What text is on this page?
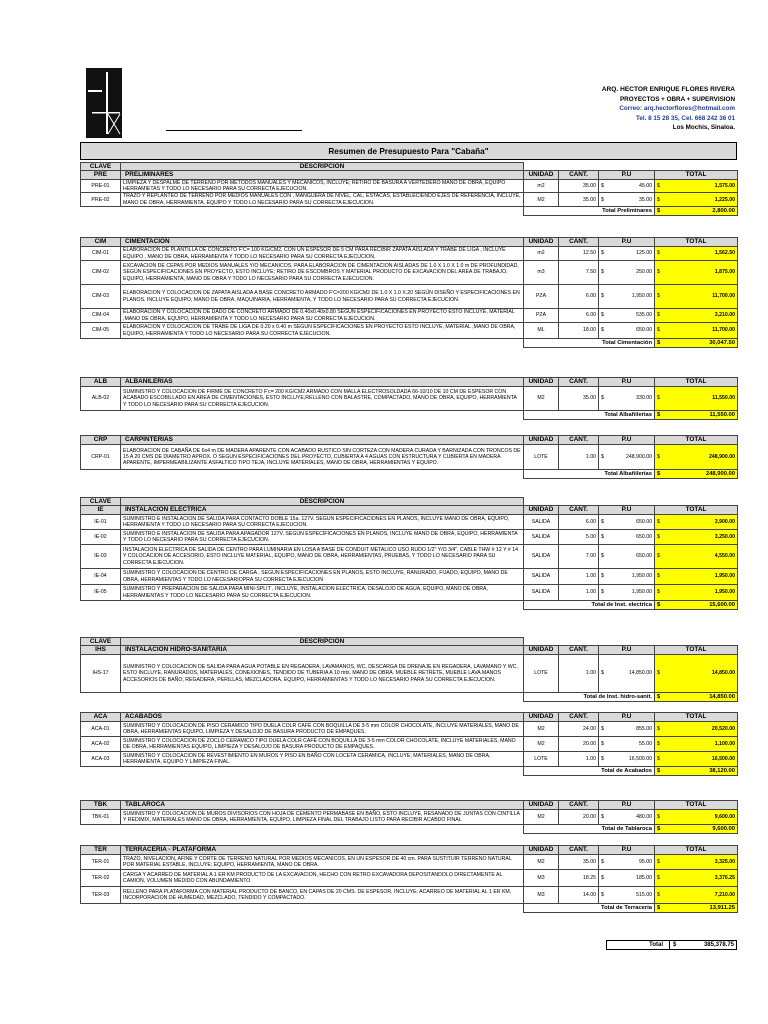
ARQ. HECTOR ENRIQUE FLORES RIVERA
PROYECTOS + OBRA + SUPERVISION
Correo: arq.hectorflores@hotmail.com
Tel. 8 15 28 35, Cel. 668 242 36 01
Los Mochis, Sinaloa.
Resumen de Presupuesto Para "Cabaña"
CLAVE	DESCRIPCION				
PRE	PRELIMINARES	UNIDAD	CANT.	P.U	TOTAL
PRE-01	LIMPIEZA Y DESPALME DE TERRENO POR METODOS MANUALES Y MECANICOS, INCLUYE; RETIRO DE BASURA A VERTEDERO MANO DE OBRA, EQUIPO HERRAMIETAS Y TODO LO NECESARIO PARA SU CORRECTA EJECUCION.	m2	35.00	$ 45.00	$ 1,575.00
PRE-02	TRAZO Y REPLANTEO DE TERRENO POR MEDIOS MANUALES CON , MANGUERA DE NIVEL, CAL, ESTACAS, ESTABLECIENDO EJES DE REFERENCIA, INCLUYE, MANO DE OBRA, HERRAMIENTA, EQUIPO Y TODO LO NECESARIO PARA SU CORRECTA EJECUCION.	M2	35.00	$ 35.00	$ 1,225.00
		Total Preliminares			$ 2,800.00
CIM	CIMENTACION	UNIDAD	CANT.	P.U	TOTAL
CIM-01	ELABORACION DE PLANTILLA DE CONCRETO F'C= 100 KG/CM2, CON UN ESPESOR DE 5 CM PARA RECIBIR ZAPATA AISLADA Y TRABE DE LIGA , INCLUYE EQUIPO , MANO DE OBRA, HERRAMIENTA Y TODO LO NECESARIO PARA SU CORRECTA EJECUCION.	m2	12.50	$ 125.00	$ 1,562.50
CIM-02	EXCAVACION DE CEPAS POR MEDIOS MANUALES Y/O MECANICOS, PARA ELABORACION DE CIMENTACION AISLADAS DE 1.0 X 1.0 X 1.0 m DE PROFUNDIDAD, SEGÚN ESPECIFICACIONES EN PROYECTO, ESTO INCLUYE; RETIRO DE ESCOMBROS Y MATERIAL PRODUCTO DE EXCAVACION DEL AREA DE TRABAJO, EQUIPO, HERRAMIENTA, MANO DE OBRA Y TODO LO NECESARIO PARA SU CORRECTA EJECUCION.	m3	7.50	$ 250.00	$ 1,875.00
CIM-03	ELABORACION Y COLOCACION DE ZAPATA AISLADA A BASE CONCRETO ARMADO F'C=200 KG/CM2 DE 1.0 X 1.0 X.20 SEGÚN DISEÑO Y ESPECIFICACIONES EN PLANOS. INCLUYE EQUIPO, MANO DE OBRA, MAQUINARIA, HERRAMIENTA, Y TODO LO NECESARIO PARA SU CORRECTA EJECUCION.	PZA	6.00	$ 1,950.00	$ 11,700.00
CIM-04	ELABORACION Y COLOCACION DE DADO DE CONCRETO ARMADO DE 0.40x0.40x0.80 SEGUN ESPECIFICACIONES EN PROYECTO ESTO INCLUYE, MATERIAL ,MANO DE OBRA, EQUIPO, HERRAMIENTA Y TODO LO NECESARIO PARA SU CORRECTA EJECUCION.	PZA	6.00	$ 535.00	$ 3,210.00
CIM-05	ELABORACION Y COLOCACION DE TRABE DE LIGA DE 0.20 x 0.40 m SEGUN ESPECIFICACIONES EN PROYECTO ESTO INCLUYE, MATERIAL ,MANO DE OBRA, EQUIPO, HERRAMIENTA Y TODO LO NECESARIO PARA SU CORRECTA EJECUCION.	ML	18.00	$ 650.00	$ 11,700.00
		Total Cimentación			$ 30,047.50
ALB	ALBAÑILERIAS	UNIDAD	CANT.	P.U	TOTAL
ALB-02	SUMINISTRO Y COLOCACION DE FIRME DE CONCRETO F'c= 200 KG/CM2 ARMADO CON MALLA ELECTROSOLDADA 66-10/10 DE 10 CM DE ESPESOR CON ACABADO ESCOBILLADO EN AREA DE CIMENTACIONES, ESTO INCLUYE,RELLENO CON BALASTRE, COMPACTADO, MANO DE OBRA, EQUIPO, HERRAMIENTA Y TODO LO NECESARIO PARA SU CORRECTA EJECUCION.	M2	35.00	$ 330.00	$ 11,550.00
		Total Albañilerias			$ 11,550.00
CRP	CARPINTERIAS	UNIDAD	CANT.	P.U	TOTAL
CRP-01	ELABORACION DE CABAÑA DE 6x4 m DE MADERA APARENTE CON ACABADO RUSTICO SIN CORTEZA CON MADERA CURADA Y BARNIZADA CON TRONCOS DE 15 A 20 CMS DE DIAMETRO APROX. O SEGUN ESPECIFICACIONES DEL PROYECTO, CUBIERTA A 4 AGUAS CON ESTRUCTURA Y CUBIERTA EN MADERA APARENTE, IMPERMEABILIZANTE ASFALTICO TIPO TEJA, INCLUYE MATERIALES, MANO DE OBRA, HERRAMIENTAS Y EQUIPO.	LOTE	1.00	$ 248,900.00	$ 248,900.00
		Total Albañilerias			$ 248,900.00
CLAVE	DESCRIPCION				
IE	INSTALACION ELECTRICA	UNIDAD	CANT.	P.U	TOTAL
IE-01	SUMINISTRO E INSTALACION DE SALIDA PARA CONTACTO DOBLE 15a. 127V. SEGUN ESPECIFICACIONES EN PLANOS, INCLUYE MANO DE OBRA, EQUIPO, HERRAMIENTA Y TODO LO NECESARIO PARA SU CORRECTA EJECUCION.	SALIDA	6.00	$ 650.00	$ 3,900.00
IE-02	SUMINISTRO E INSTALACION DE SALIDA PARA APAGADOR 127V. SEGUN ESPECIFICACIONES EN PLANOS, INCLUYE MANO DE OBRA, EQUIPO, HERRAMIENTA Y TODO LO NECESARIO PARA SU CORRECTA EJECUCION.	SALIDA	5.00	$ 650.00	$ 3,250.00
IE-03	INSTALACION ELECTRICA DE SALIDA DE CENTRO PARA LUMINARIA EN LOSA A BASE DE CONDUIT METALICO USO RUDO 1/2" Y/O 3/4", CABLE THW # 12 Y # 14 Y COLOCACION DE ACCESORIO, ESTO INCLUYE MATERIAL, EQUIPO, MANO DE OBRA, HERRAMIENTAS, PRUEBAS, Y TODO LO NECESARIO PARA SU CORRECTA EJECUCION.	SALIDA	7.00	$ 650.00	$ 4,550.00
IE-04	SUMINISTRO Y COLOCACION DE CENTRO DE CARGA , SEGUN ESPECIFICACIONES EN PLANOS, ESTO INCLUYE, RANURADO, FIJADO, EQUIPO, MANO DE OBRA, HERRAMIENTAS Y TODO LO NECESARIOPRA SU CORRECTA EJECUCION	SALIDA	1.00	$ 1,950.00	$ 1,950.00
IE-05	SUMINISTRO Y PREPARACION DE SALIDA PARA MINI-SPLIT , INCLUYE, INSTALACION ELECTRICA, DESALOJO DE AGUA, EQUIPO, MANO DE OBRA, HERRAMIENTAS Y TODO LO NECESARIO PARA SU CORRECTA EJECUCION.	SALIDA	1.00	$ 1,950.00	$ 1,950.00
		Total de Inst. electrica			$ 15,600.00
CLAVE	DESCRIPCION				
IHS	INSTALACION HIDRO-SANITARIA	UNIDAD	CANT.	P.U	TOTAL
IHS-17	SUMINISTRO Y COLOCACION DE SALIDA PARA AGUA POTABLE EN REGADERA, LAVAMANOS, WC, DESCARGA DE DRENAJE EN REGADERA, LAVAMANO Y WC, ESTO INCLUYE, RANURADOS, MATERIALES, CONEXIONES, TENDIDO DE TUBERIA A 10 mts. MANO DE OBRA. MUEBLE RETRETE, MUEBLE LAVA MANOS ACCESORIOS DE BAÑO, REGADERA, PERILLAS, MEZCLADORA, EQUIPO, HERRAMIENTAS Y TODO LO NECESARIO PARA SU CORRECTA EJECUCION.	LOTE	1.00	$ 14,850.00	$ 14,850.00
		Total de Inst. hidro-sanit.			$ 14,850.00
ACA	ACABADOS	UNIDAD	CANT.	P.U	TOTAL
ACA-01	SUMINISTRO Y COLOCACION DE PISO CERAMICO TIPO DUELA COLR CAFÉ CON BOQUILLA DE 3-5 mm COLOR CHOCOLATE, INCLUYE MATERIALES, MANO DE OBRA, HERRAMIENTAS EQUIPO, LIMPIEZA Y DESALOJO DE BASURA PRODUCTO DE EMPAQUES.	M2	24.00	$ 855.00	$ 20,520.00
ACA-02	SUMINISTRO Y COLOCACION DE ZOCLO CERAMICO TIPO DUELA COLR CAFÉ CON BOQUILLA DE 3-5 mm COLOR CHOCOLATE, INCLUYE MATERIALES, MANO DE OBRA, HERRAMIENTAS EQUIPO, LIMPIEZA Y DESALOJO DE BASURA PRODUCTO DE EMPAQUES.	M2	20.00	$ 55.00	$ 1,100.00
ACA-03	SUMINISTRO Y COLOCACION DE REVESTIMIENTO EN MUROS Y PISO EN BAÑO CON LOCETA CERAMICA, INCLUYE; MATERIALES, MANO DE OBRA, HERRAMIENTA, EQUIPO Y LIMPIEZA FINAL.	LOTE	1.00	$ 16,500.00	$ 16,500.00
		Total de Acabados			$ 38,120.00
TBK	TABLAROCA	UNIDAD	CANT.	P.U	TOTAL
TBK-01	SUMINISTRO Y COLOCACION DE MUROS DIVISORIOS CON HOJA DE CEMENTO PERMABASE EN BAÑO, ESTO INCLUYE, RESANADO DE JUNTAS CON CINTILLA Y REDIMIX, MATERIALES MANO DE OBRA, HERRAMIENTA, EQUIPO, LIMPIEZA FINAL DEL TRABAJO LISTO PARA RECIBIR ACABDO FINAL	M2	20.00	$ 480.00	$ 9,600.00
		Total de Tablaroca			$ 9,600.00
TER	TERRACERIA - PLATAFORMA	UNIDAD	CANT.	P.U	TOTAL
TER-01	TRAZO, NIVELACION, AFINE Y CORTE DE TERRENO NATURAL POR MEDIOS MECANICOS, EN UN ESPESOR DE 40 cm. PARA SUSTITUIR TERRENO NATURAL POR MATERIAL ESTABLE, INCLUYE; EQUIPO, HERRAMIENTA, MANO DE OBRA.	M2	35.00	$ 95.00	$ 3,325.00
TER-02	CARGA Y ACARREO DE MATERIAL A 1 ER KM PRODUCTO DE LA EXCAVACION, HECHO CON RETRO EXCAVADORA DEPOSITANDOLO DIRECTAMENTE AL CAMION, VOLUMEN MEDIDO CON ABUNDAMIENTO	M3	18.25	$ 185.00	$ 3,376.25
TER-03	RELLENO PARA PLATAFORMA CON MATERIAL PRODUCTO DE BANCO, EN CAPAS DE 20 CMS. DE ESPESOR, INCLUYE: ACARREO DE MATERIAL AL 1 ER KM, INCORPORACION DE HUMEDAD, MEZCLADO, TENDIDO Y COMPACTADO.	M3	14.00	$ 515.00	$ 7,210.00
		Total de Terracería			$ 13,911.25
Total	$	385,378.75
